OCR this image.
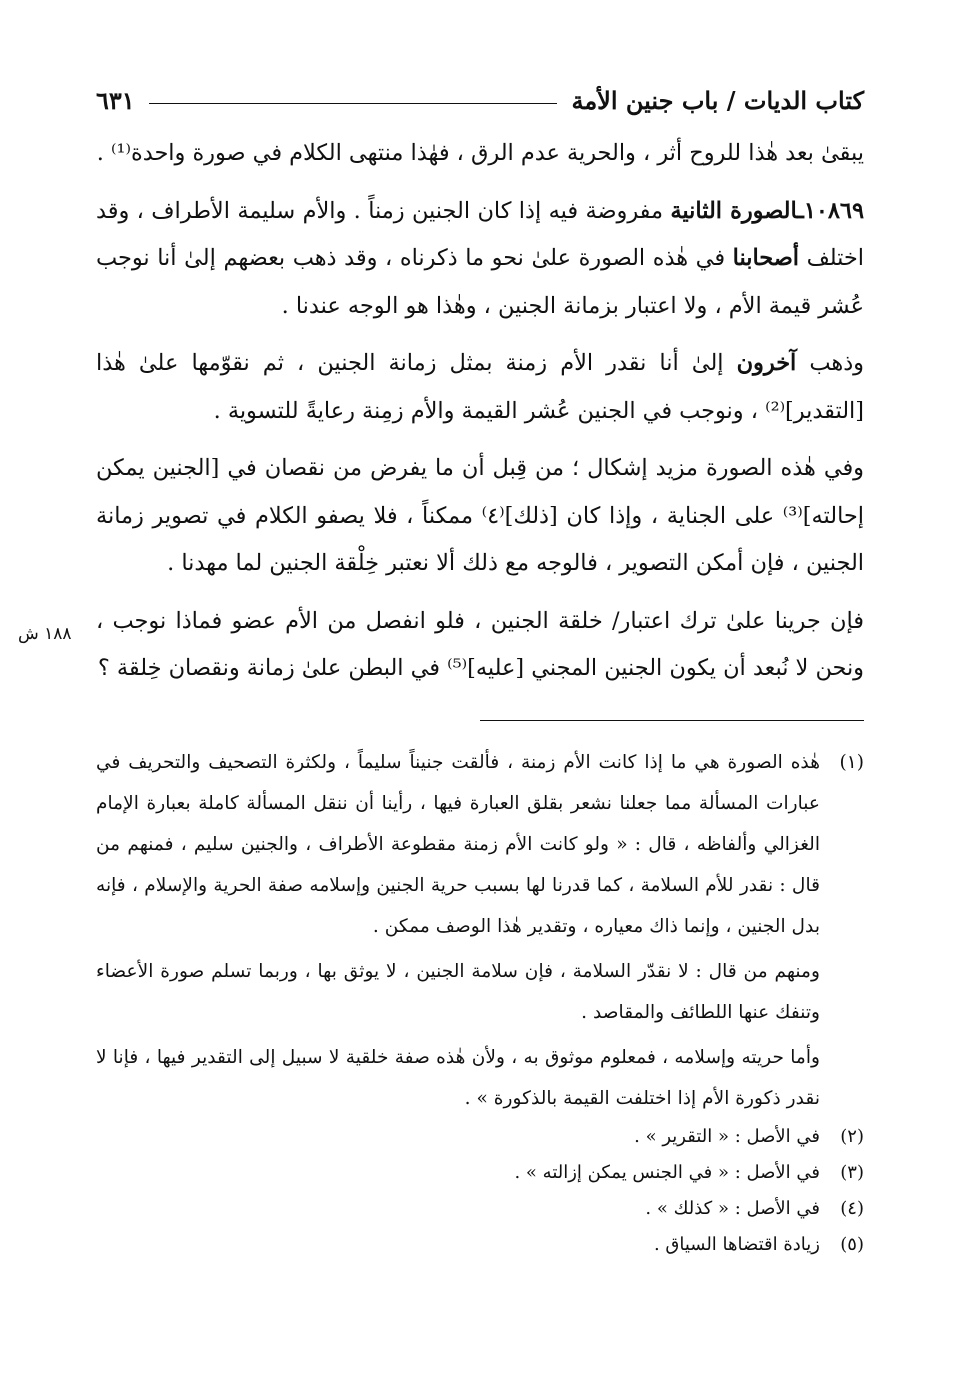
كتاب الديات / باب جنين الأمة
٦٣١
١٨٨ ش

يبقىٰ بعد هٰذا للروح أثر ، والحرية عدم الرق ، فهٰذا منتهى الكلام في صورة واحدة⁽¹⁾ .

١٠٨٦٩ـالصورة الثانية مفروضة فيه إذا كان الجنين زمناً . والأم سليمة الأطراف ، وقد اختلف أصحابنا في هٰذه الصورة علىٰ نحو ما ذكرناه ، وقد ذهب بعضهم إلىٰ أنا نوجب عُشر قيمة الأم ، ولا اعتبار بزمانة الجنين ، وهٰذا هو الوجه عندنا .

وذهب آخرون إلىٰ أنا نقدر الأم زمنة بمثل زمانة الجنين ، ثم نقوّمها علىٰ هٰذا [التقدير]⁽²⁾ ، ونوجب في الجنين عُشر القيمة والأم زمِنة رعايةً للتسوية .

وفي هٰذه الصورة مزيد إشكال ؛ من قِبل أن ما يفرض من نقصان في [الجنين يمكن إحالته]⁽³⁾ على الجناية ، وإذا كان [ذلك]⁽٤⁾ ممكناً ، فلا يصفو الكلام في تصوير زمانة الجنين ، فإن أمكن التصوير ، فالوجه مع ذلك ألا نعتبر خِلْقة الجنين لما مهدنا .

فإن جرينا علىٰ ترك اعتبار/ خلقة الجنين ، فلو انفصل من الأم عضو فماذا نوجب ، ونحن لا نُبعد أن يكون الجنين المجني [عليه]⁽⁵⁾ في البطن علىٰ زمانة ونقصان خِلقة ؟

(١)

هٰذه الصورة هي ما إذا كانت الأم زمنة ، فألقت جنيناً سليماً ، ولكثرة التصحيف والتحريف في عبارات المسألة مما جعلنا نشعر بقلق العبارة فيها ، رأينا أن ننقل المسألة كاملة بعبارة الإمام الغزالي وألفاظه ، قال : « ولو كانت الأم زمنة مقطوعة الأطراف ، والجنين سليم ، فمنهم من قال : نقدر للأم السلامة ، كما قدرنا لها بسبب حرية الجنين وإسلامه صفة الحرية والإسلام ، فإنه بدل الجنين ، وإنما ذاك معياره ، وتقدير هٰذا الوصف ممكن .

ومنهم من قال : لا نقدّر السلامة ، فإن سلامة الجنين ، لا يوثق بها ، وربما تسلم صورة الأعضاء وتنفك عنها اللطائف والمقاصد .

وأما حريته وإسلامه ، فمعلوم موثوق به ، ولأن هٰذه صفة خلقية لا سبيل إلى التقدير فيها ، فإنا لا نقدر ذكورة الأم إذا اختلفت القيمة بالذكورة » .

(٢)
في الأصل : « التقرير » .
(٣)
في الأصل : « في الجنس يمكن إزالته » .
(٤)
في الأصل : « كذلك » .
(٥)
زيادة اقتضاها السياق .
